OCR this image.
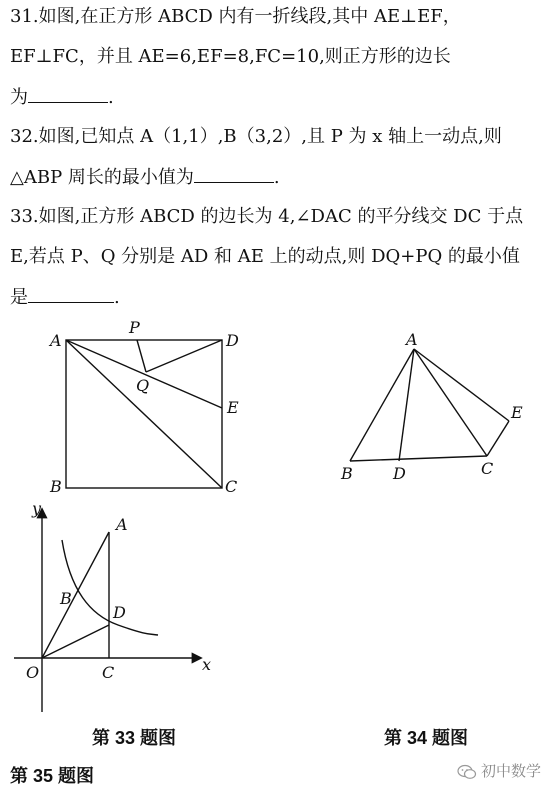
31.如图,在正方形 ABCD 内有一折线段,其中 AE⊥EF，
EF⊥FC，并且 AE=6,EF=8,FC=10,则正方形的边长
为	.
32.如图,已知点 A（1,1）,B（3,2）,且 P 为 x 轴上一动点,则
△ABP 周长的最小值为	.
33.如图,正方形 ABCD 的边长为 4,∠DAC 的平分线交 DC 于点
E,若点 P、Q 分别是 AD 和 AE 上的动点,则 DQ+PQ 的最小值
是	.
A
P
D
Q
E
B	C
A
B	D	C
E
y
A
B
D
O	C	x
第 33 题图	第 34 题图
第 35 题图	初中数学
